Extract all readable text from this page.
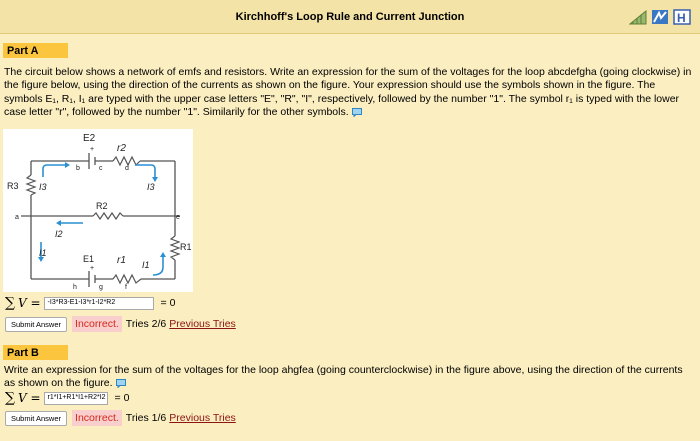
Kirchhoff's Loop Rule and Current Junction	H
Part A
The circuit below shows a network of emfs and resistors. Write an expression for the sum of the voltages for the loop abcdefgha (going clockwise) in the figure below, using the direction of the currents as shown on the figure. Your expression should use the symbols shown in the figure. The symbols E₁, R₁, I₁ are typed with the upper case letters "E", "R", "I", respectively, followed by the number "1". The symbol r₁ is typed with the lower case letter "r", followed by the number "1". Similarily for the other symbols.
E2
+ r2
b	c	d
R3 I3	I3
R2
a	e
I2
I1
R1
E1 r1 I1
+
h	g	f
∑ V =	-I3*R3-E1-I3*r1-I2*R2	= 0
Submit Answer	Incorrect. Tries 2/6 Previous Tries
Part B
Write an expression for the sum of the voltages for the loop ahgfea (going counterclockwise) in the figure above, using the direction of the currents as shown on the figure.
∑ V =	r1*I1+R1*I1+R2*I2 = 0
Submit Answer	Incorrect. Tries 1/6 Previous Tries
